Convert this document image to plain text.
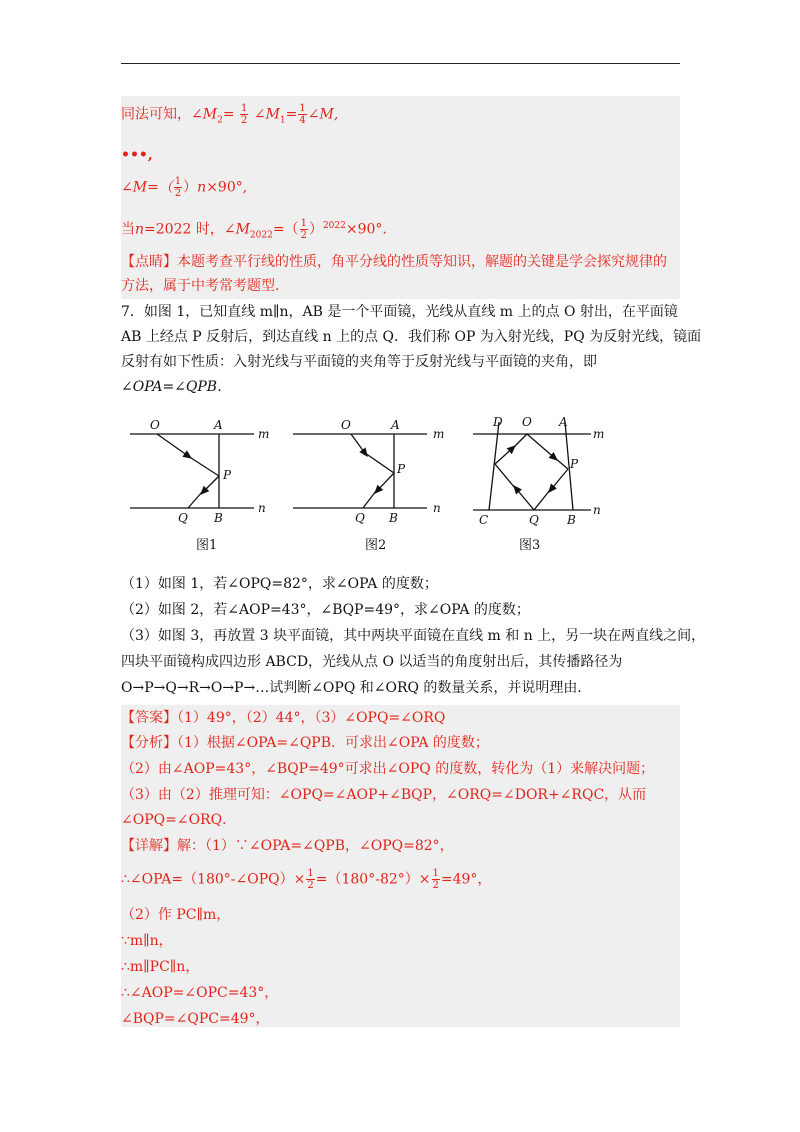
同法可知，$\angle M_2= \frac{1}{2}$ $\angle M_1= \frac{1}{4}$ ∠M,
•••,
∠M=（ $\frac{1}{2} )n\times 90^\circ$,
当n=2022 时，$\angle M_{2022}=( \frac{1}{2} )^{2022}\times 90^\circ$.
【点睛】本题考查平行线的性质，角平分线的性质等知识，解题的关键是学会探究规律的
方法，属于中考常考题型.
7．如图 1，已知直线 m∥n，AB 是一个平面镜，光线从直线 m 上的点 O 射出，在平面镜
AB 上经点 P 反射后，到达直线 n 上的点 Q．我们称 OP 为入射光线，PQ 为反射光线，镜面
反射有如下性质：入射光线与平面镜的夹角等于反射光线与平面镜的夹角，即
∠OPA=∠QPB．
O	A
m
P
Q B
n
图1
O	A
m
P
Q B
n
图2
D O A
m
P
C	Q B
n
图3
（1）如图 1，若∠OPQ=82°，求∠OPA 的度数；
（2）如图 2，若∠AOP=43°，∠BQP=49°，求∠OPA 的度数；
（3）如图 3，再放置 3 块平面镜，其中两块平面镜在直线 m 和 n 上，另一块在两直线之间，
四块平面镜构成四边形 ABCD，光线从点 O 以适当的角度射出后，其传播路径为
O→P→Q→R→O→P→…试判断∠OPQ 和∠ORQ 的数量关系，并说明理由．
【答案】（1）49°，（2）44°，（3）∠OPQ=∠ORQ
【分析】（1）根据∠OPA=∠QPB．可求出∠OPA 的度数；
（2）由∠AOP=43°，∠BQP=49°可求出∠OPQ 的度数，转化为（1）来解决问题；
（3）由（2）推理可知：∠OPQ=∠AOP+∠BQP，∠ORQ=∠DOR+∠RQC，从而
∠OPQ=∠ORQ．
【详解】解：（1）∵∠OPA=∠QPB，∠OPQ=82°，
∴∠OPA=（180°-∠OPQ）× $\frac{1}{2} =(180^\circ-82^\circ)\times \frac{1}{2} =49^\circ$，
（2）作 PC∥m，
∵m∥n，
∴m∥PC∥n，
∴∠AOP=∠OPC=43°，
∠BQP=∠QPC=49°，
